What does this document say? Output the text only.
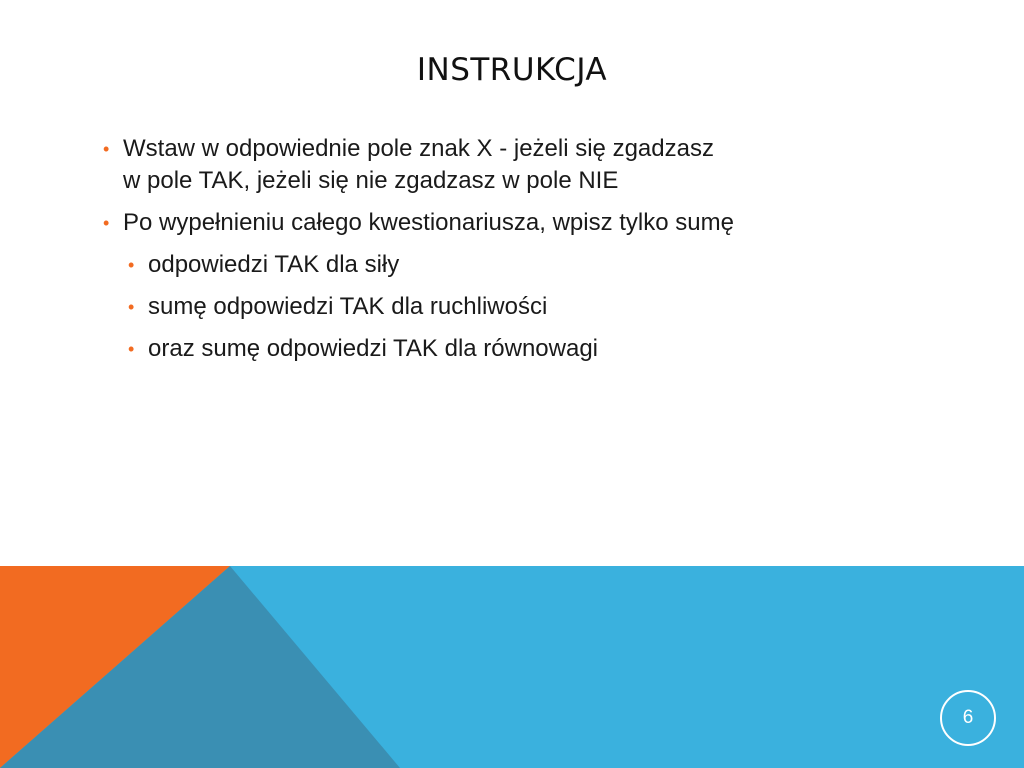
INSTRUKCJA
• Wstaw w odpowiednie pole znak X - jeżeli się zgadzasz
w pole TAK, jeżeli się nie zgadzasz w pole NIE
• Po wypełnieniu całego kwestionariusza, wpisz tylko sumę
• odpowiedzi TAK dla siły
• sumę odpowiedzi TAK dla ruchliwości
• oraz sumę odpowiedzi TAK dla równowagi
6
